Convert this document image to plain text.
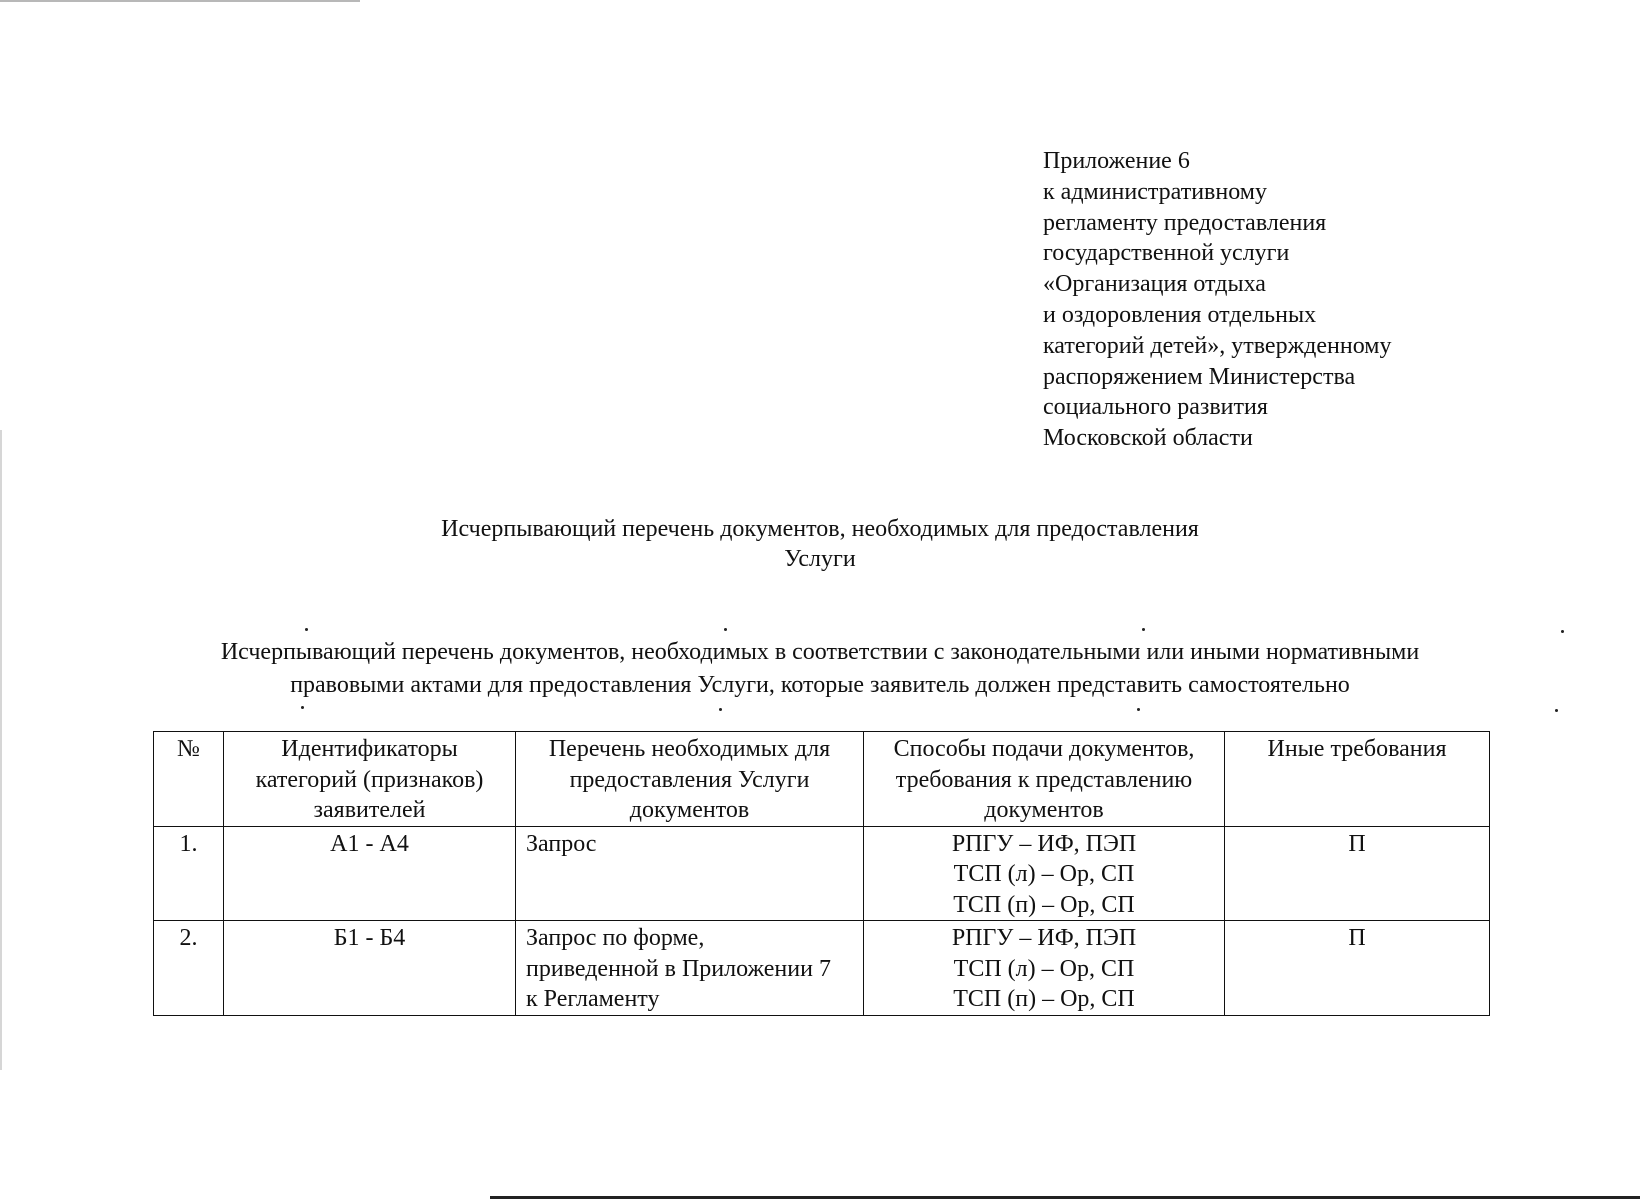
Приложение 6
к административному
регламенту предоставления
государственной услуги
«Организация отдыха
и оздоровления отдельных
категорий детей», утвержденному
распоряжением Министерства
социального развития
Московской области
Исчерпывающий перечень документов, необходимых для предоставления
Услуги
Исчерпывающий перечень документов, необходимых в соответствии с законодательными или иными нормативными
правовыми актами для предоставления Услуги, которые заявитель должен представить самостоятельно
№	Идентификаторы
категорий (признаков)
заявителей	Перечень необходимых для
предоставления Услуги
документов	Способы подачи документов,
требования к представлению
документов	Иные требования

1.	А1 - А4	Запрос	РПГУ – ИФ, ПЭП
ТСП (л) – Ор, СП
ТСП (п) – Ор, СП	П
2.	Б1 - Б4	Запрос по форме,
приведенной в Приложении 7
к Регламенту	РПГУ – ИФ, ПЭП
ТСП (л) – Ор, СП
ТСП (п) – Ор, СП	П
